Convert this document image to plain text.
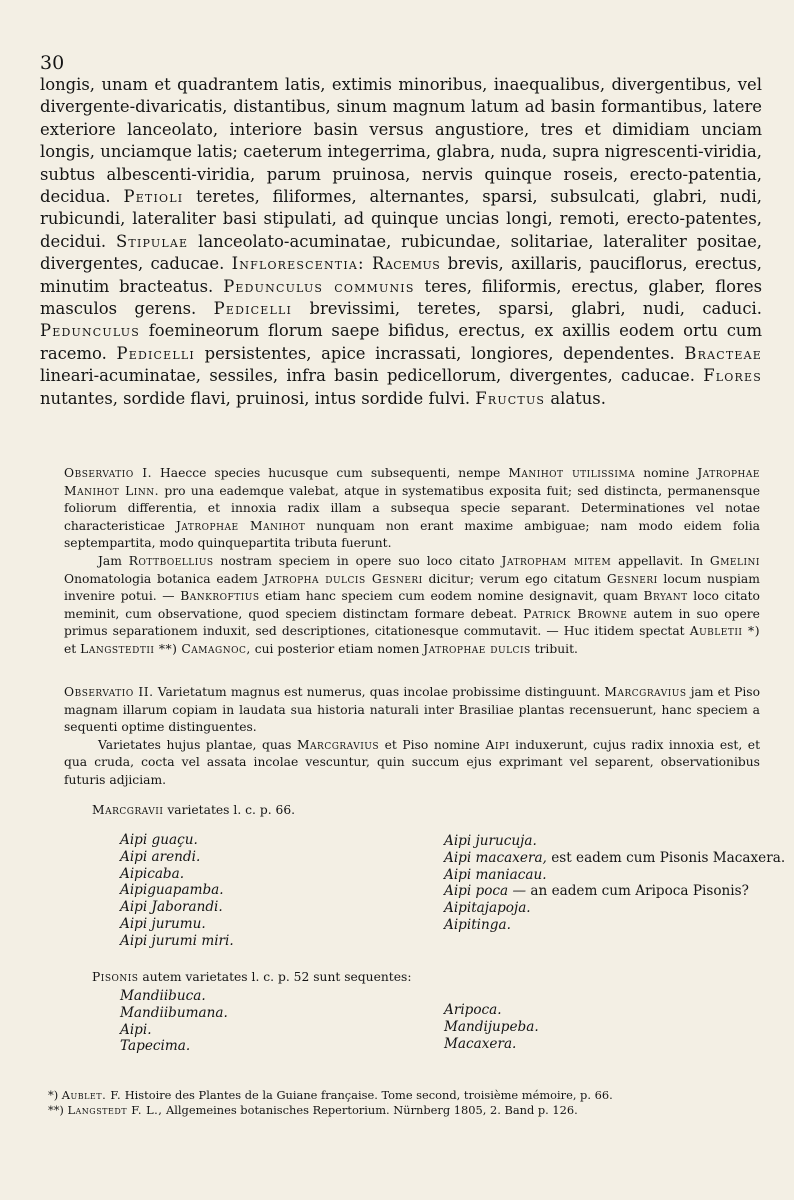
30

longis, unam et quadrantem latis, extimis minoribus, inaequalibus, divergentibus, vel divergente-divaricatis, distantibus, sinum magnum latum ad basin formantibus, latere exteriore lanceolato, interiore basin versus angustiore, tres et dimidiam unciam longis, unciamque latis; caeterum integerrima, glabra, nuda, supra nigrescenti-viridia, subtus albescenti-viridia, parum pruinosa, nervis quinque roseis, erecto-patentia, decidua. Petioli teretes, filiformes, alternantes, sparsi, subsulcati, glabri, nudi, rubicundi, lateraliter basi stipulati, ad quinque uncias longi, remoti, erecto-patentes, decidui. Stipulae lanceolato-acuminatae, rubicundae, solitariae, lateraliter positae, divergentes, caducae. Inflorescentia: Racemus brevis, axillaris, pauciflorus, erectus, minutim bracteatus. Pedunculus communis teres, filiformis, erectus, glaber, flores masculos gerens. Pedicelli brevissimi, teretes, sparsi, glabri, nudi, caduci. Pedunculus foemineorum florum saepe bifidus, erectus, ex axillis eodem ortu cum racemo. Pedicelli persistentes, apice incrassati, longiores, dependentes. Bracteae lineari-acuminatae, sessiles, infra basin pedicellorum, divergentes, caducae. Flores nutantes, sordide flavi, pruinosi, intus sordide fulvi. Fructus alatus.

Observatio I. Haecce species hucusque cum subsequenti, nempe Manihot utilissima nomine Jatrophae Manihot Linn. pro una eademque valebat, atque in systematibus exposita fuit; sed distincta, permanensque foliorum differentia, et innoxia radix illam a subsequa specie separant. Determinationes vel notae characteristicae Jatrophae Manihot nunquam non erant maxime ambiguae; nam modo eidem folia septempartita, modo quinquepartita tributa fuerunt.

Jam Rottboellius nostram speciem in opere suo loco citato Jatropham mitem appellavit. In Gmelini Onomatologia botanica eadem Jatropha dulcis Gesneri dicitur; verum ego citatum Gesneri locum nuspiam invenire potui. — Bankroftius etiam hanc speciem cum eodem nomine designavit, quam Bryant loco citato meminit, cum observatione, quod speciem distinctam formare debeat. Patrick Browne autem in suo opere primus separationem induxit, sed descriptiones, citationesque commutavit. — Huc itidem spectat Aubletii *) et Langstedtii **) Camagnoc, cui posterior etiam nomen Jatrophae dulcis tribuit.

Observatio II. Varietatum magnus est numerus, quas incolae probissime distinguunt. Marcgravius jam et Piso magnam illarum copiam in laudata sua historia naturali inter Brasiliae plantas recensuerunt, hanc speciem a sequenti optime distinguentes.

Varietates hujus plantae, quas Marcgravius et Piso nomine Aipi induxerunt, cujus radix innoxia est, et qua cruda, cocta vel assata incolae vescuntur, quin succum ejus exprimant vel separent, observationibus futuris adjiciam.

Marcgravii varietates l. c. p. 66.

Aipi guaçu.
Aipi arendi.
Aipicaba.
Aipiguapamba.
Aipi Jaborandi.
Aipi jurumu.
Aipi jurumi miri.
Aipi jurucuja.
Aipi macaxera, est eadem cum Pisonis Macaxera.
Aipi maniacau.
Aipi poca — an eadem cum Aripoca Pisonis?
Aipitajapoja.
Aipitinga.

Pisonis autem varietates l. c. p. 52 sunt sequentes:

Mandiibuca.
Mandiibumana.
Aipi.
Tapecima.
Aripoca.
Mandijupeba.
Macaxera.

*) Aublet. F. Histoire des Plantes de la Guiane française. Tome second, troisième mémoire, p. 66.

**) Langstedt F. L., Allgemeines botanisches Repertorium. Nürnberg 1805, 2. Band p. 126.
